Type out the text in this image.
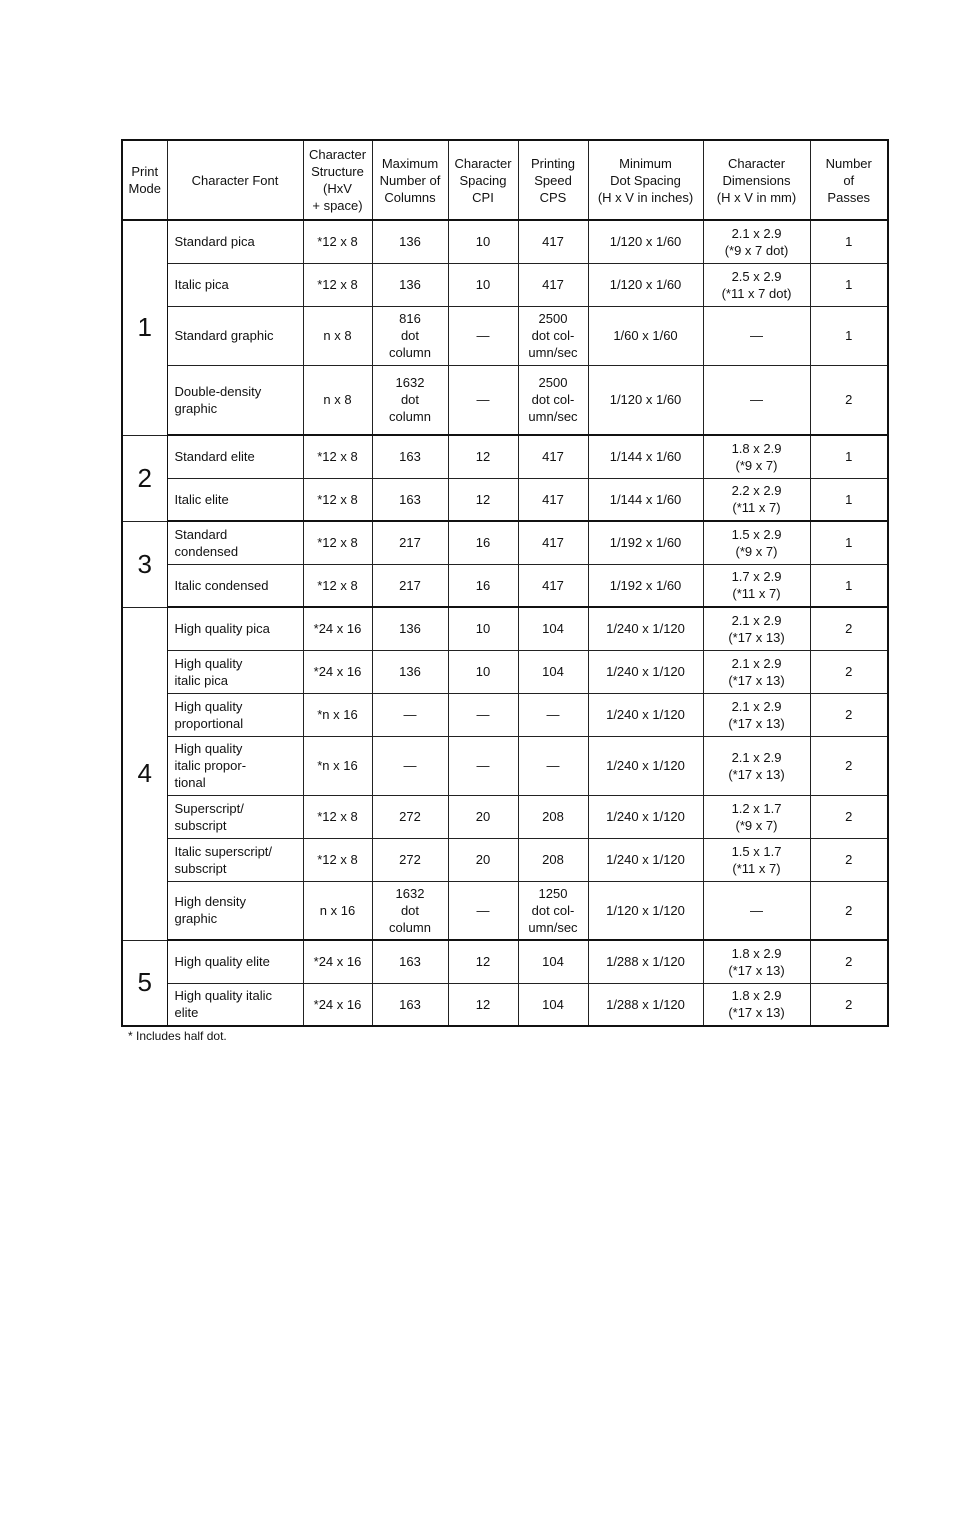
Print
Mode	Character Font	Character
Structure
(HxV
+ space)	Maximum
Number of
Columns	Character
Spacing
CPI	Printing
Speed
CPS	Minimum
Dot Spacing
(H x V in inches)	Character
Dimensions
(H x V in mm)	Number
of
Passes
1	Standard pica	*12 x 8	136	10	417	1/120 x 1/60	2.1 x 2.9
(*9 x 7 dot)	1
	Italic pica	*12 x 8	136	10	417	1/120 x 1/60	2.5 x 2.9
(*11 x 7 dot)	1
	Standard graphic	n x 8	816
dot
column	—	2500
dot col-
umn/sec	1/60 x 1/60	—	1
	Double-density
graphic	n x 8	1632
dot
column	—	2500
dot col-
umn/sec	1/120 x 1/60	—	2
2	Standard elite	*12 x 8	163	12	417	1/144 x 1/60	1.8 x 2.9
(*9 x 7)	1
	Italic elite	*12 x 8	163	12	417	1/144 x 1/60	2.2 x 2.9
(*11 x 7)	1
3	Standard
condensed	*12 x 8	217	16	417	1/192 x 1/60	1.5 x 2.9
(*9 x 7)	1
	Italic condensed	*12 x 8	217	16	417	1/192 x 1/60	1.7 x 2.9
(*11 x 7)	1
4	High quality pica	*24 x 16	136	10	104	1/240 x 1/120	2.1 x 2.9
(*17 x 13)	2
	High quality
italic pica	*24 x 16	136	10	104	1/240 x 1/120	2.1 x 2.9
(*17 x 13)	2
	High quality
proportional	*n x 16	—	—	—	1/240 x 1/120	2.1 x 2.9
(*17 x 13)	2
	High quality
italic propor-
tional	*n x 16	—	—	—	1/240 x 1/120	2.1 x 2.9
(*17 x 13)	2
	Superscript/
subscript	*12 x 8	272	20	208	1/240 x 1/120	1.2 x 1.7
(*9 x 7)	2
	Italic superscript/
subscript	*12 x 8	272	20	208	1/240 x 1/120	1.5 x 1.7
(*11 x 7)	2
	High density
graphic	n x 16	1632
dot
column	—	1250
dot col-
umn/sec	1/120 x 1/120	—	2
5	High quality elite	*24 x 16	163	12	104	1/288 x 1/120	1.8 x 2.9
(*17 x 13)	2
	High quality italic
elite	*24 x 16	163	12	104	1/288 x 1/120	1.8 x 2.9
(*17 x 13)	2
* Includes half dot.
